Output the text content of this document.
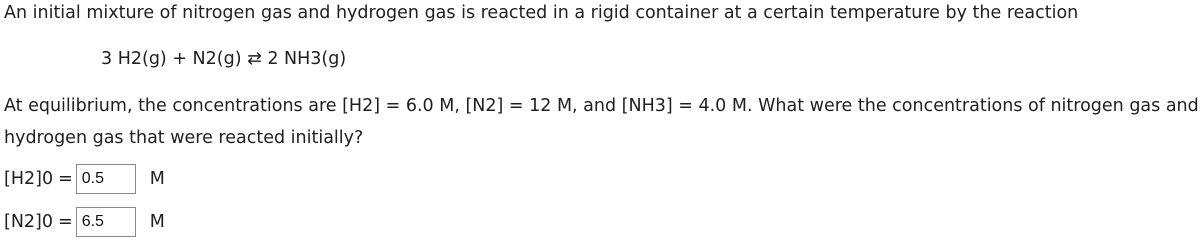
An initial mixture of nitrogen gas and hydrogen gas is reacted in a rigid container at a certain temperature by the reaction
3 H2(g) + N2(g) ⇄ 2 NH3(g)
At equilibrium, the concentrations are [H2] = 6.0 M, [N2] = 12 M, and [NH3] = 4.0 M. What were the concentrations of nitrogen gas and
hydrogen gas that were reacted initially?
[H2]0 =
0.5	M
[N2]0 =
6.5	M
